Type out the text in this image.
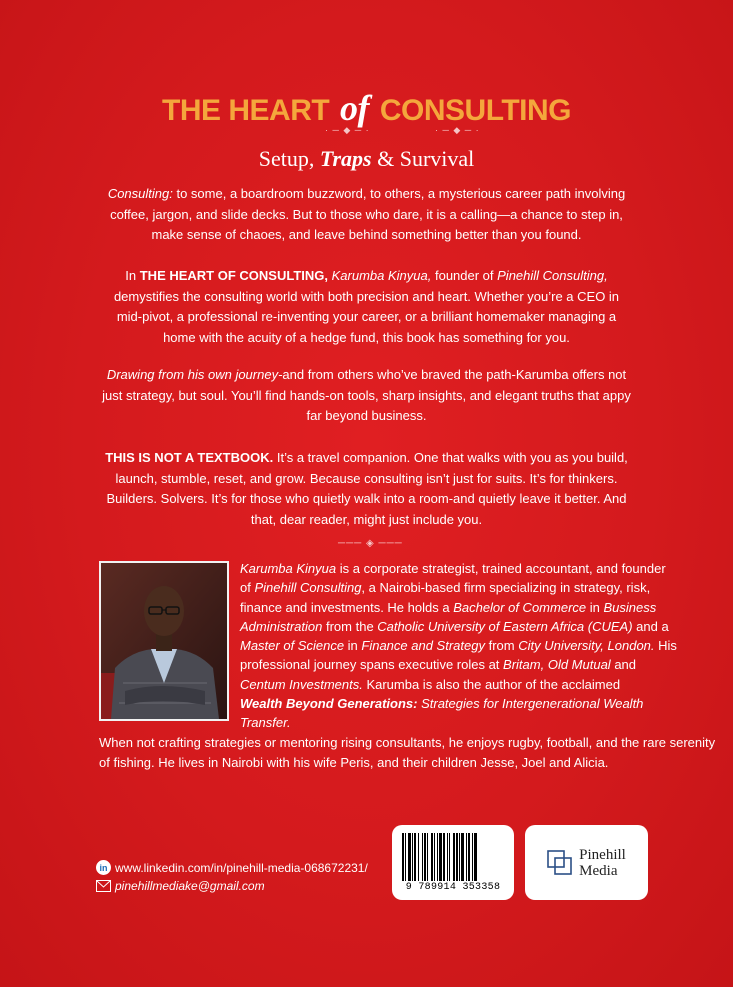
THE HEART of CONSULTING
· ─ ◆ ─ ·	· ─ ◆ ─ ·
Setup, Traps & Survival
Consulting: to some, a boardroom buzzword, to others, a mysterious career path involving coffee, jargon, and slide decks. But to those who dare, it is a calling—a chance to step in, make sense of chaoes, and leave behind something better than you found.
In THE HEART OF CONSULTING, Karumba Kinyua, founder of Pinehill Consulting, demystifies the consulting world with both precision and heart. Whether you’re a CEO in mid-pivot, a professional re-inventing your career, or a brilliant homemaker managing a home with the acuity of a hedge fund, this book has something for you.
Drawing from his own journey-and from others who’ve braved the path-Karumba offers not just strategy, but soul. You’ll find hands-on tools, sharp insights, and elegant truths that appy far beyond business.
THIS IS NOT A TEXTBOOK. It’s a travel companion. One that walks with you as you build, launch, stumble, reset, and grow. Because consulting isn’t just for suits. It’s for thinkers. Builders. Solvers. It’s for those who quietly walk into a room-and quietly leave it better. And that, dear reader, might just include you.
─── ◈ ───
Karumba Kinyua is a corporate strategist, trained accountant, and founder of Pinehill Consulting, a Nairobi-based firm specializing in strategy, risk, finance and investments. He holds a Bachelor of Commerce in Business Administration from the Catholic University of Eastern Africa (CUEA) and a Master of Science in Finance and Strategy from City University, London. His professional journey spans executive roles at Britam, Old Mutual and Centum Investments. Karumba is also the author of the acclaimed
Wealth Beyond Generations: Strategies for Intergenerational Wealth Transfer.
When not crafting strategies or mentoring rising consultants, he enjoys rugby, football, and the rare serenity of fishing. He lives in Nairobi with his wife Peris, and their children Jesse, Joel and Alicia.
in www.linkedin.com/in/pinehill-media-068672231/
pinehillmediake@gmail.com	9 789914 353358
Pinehill
Media
